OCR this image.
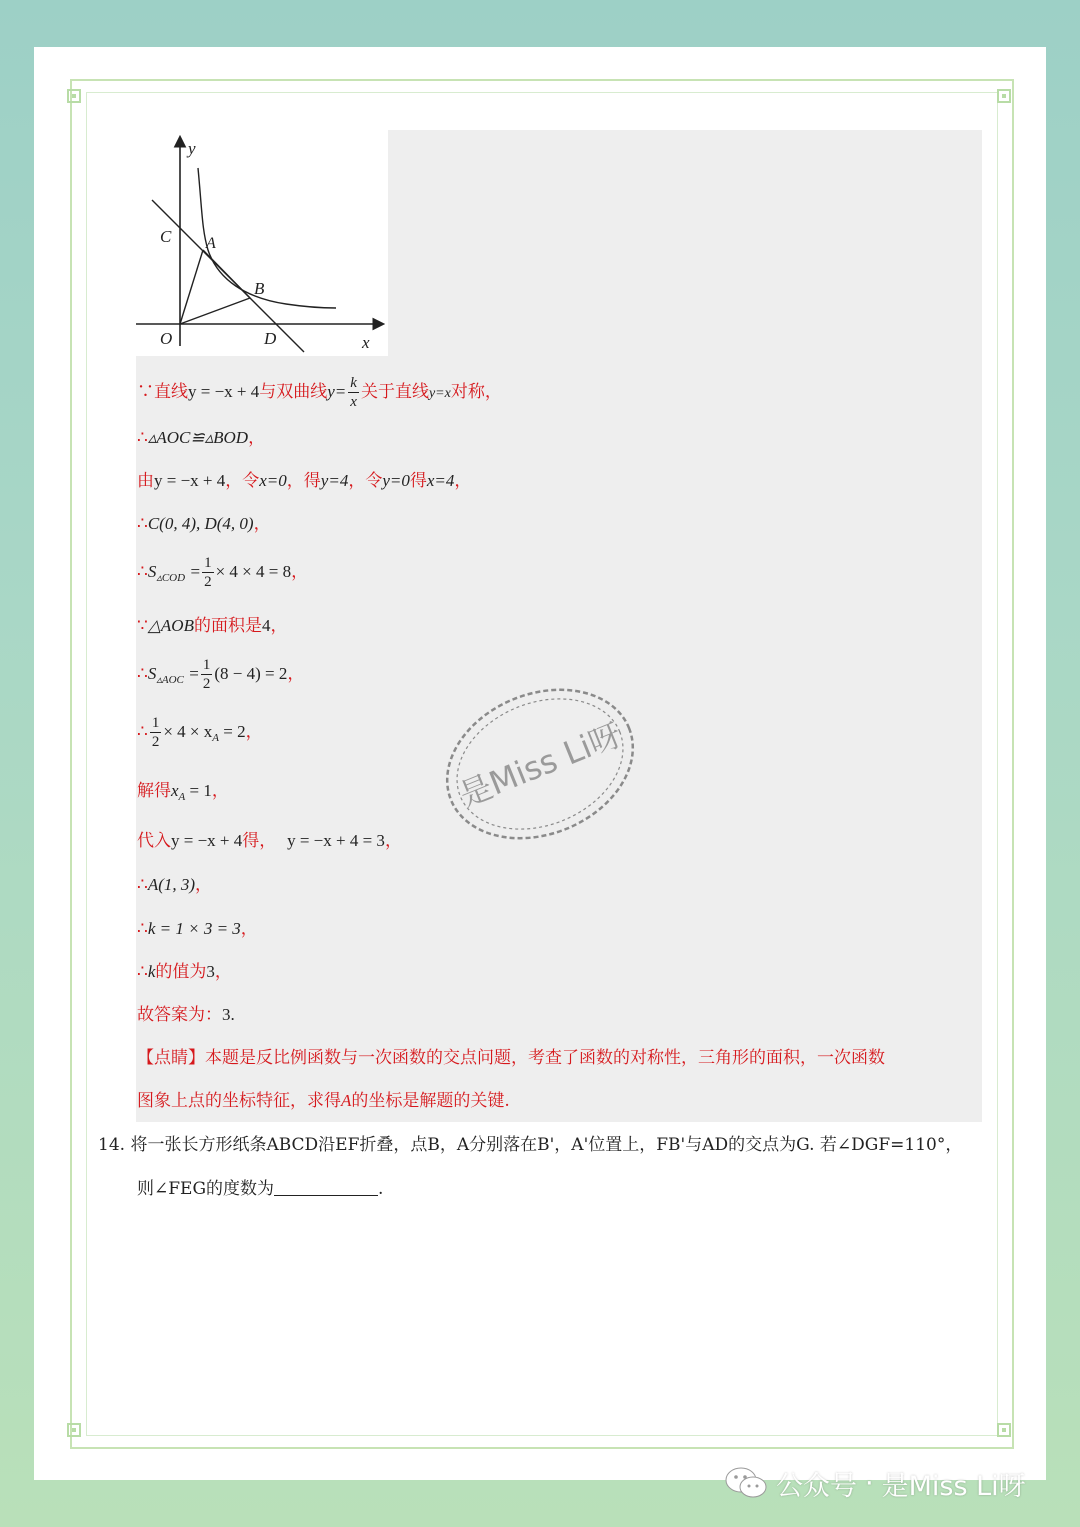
y
x
C A
B
O	D
∵直线y = −x + 4与双曲线$y= \frac{k}{x}$ 关于直线y=x对称，
∴▵AOC≌▵BOD，
由y = −x + 4，令x=0，得y=4，令y=0得x=4，
∴C(0, 4), D(4, 0)，
$\therefore S_{▵COD} = \frac{1}{2} \times 4 \times 4 = 8$，
∵△AOB的面积是4，
$\therefore S_{▵AOC} = \frac{1}{2} (8 - 4) = 2$，
∴ $\frac{1}{2} \times 4 \times x_A = 2$，
解得$x_A = 1$，
代入y = −x + 4得， y = −x + 4 = 3，
∴A(1, 3)，
∴k = 1 × 3 = 3，
∴k的值为3，
故答案为：3.
【点睛】本题是反比例函数与一次函数的交点问题，考查了函数的对称性，三角形的面积，一次函数
图象上点的坐标特征，求得A的坐标是解题的关键.
14. 将一张长方形纸条ABCD沿EF折叠，点B，A分别落在B'，A'位置上，FB'与AD的交点为G. 若∠DGF=110°，
则∠FEG的度数为	.
是Miss Li呀
公众号 · 是Miss Li呀
